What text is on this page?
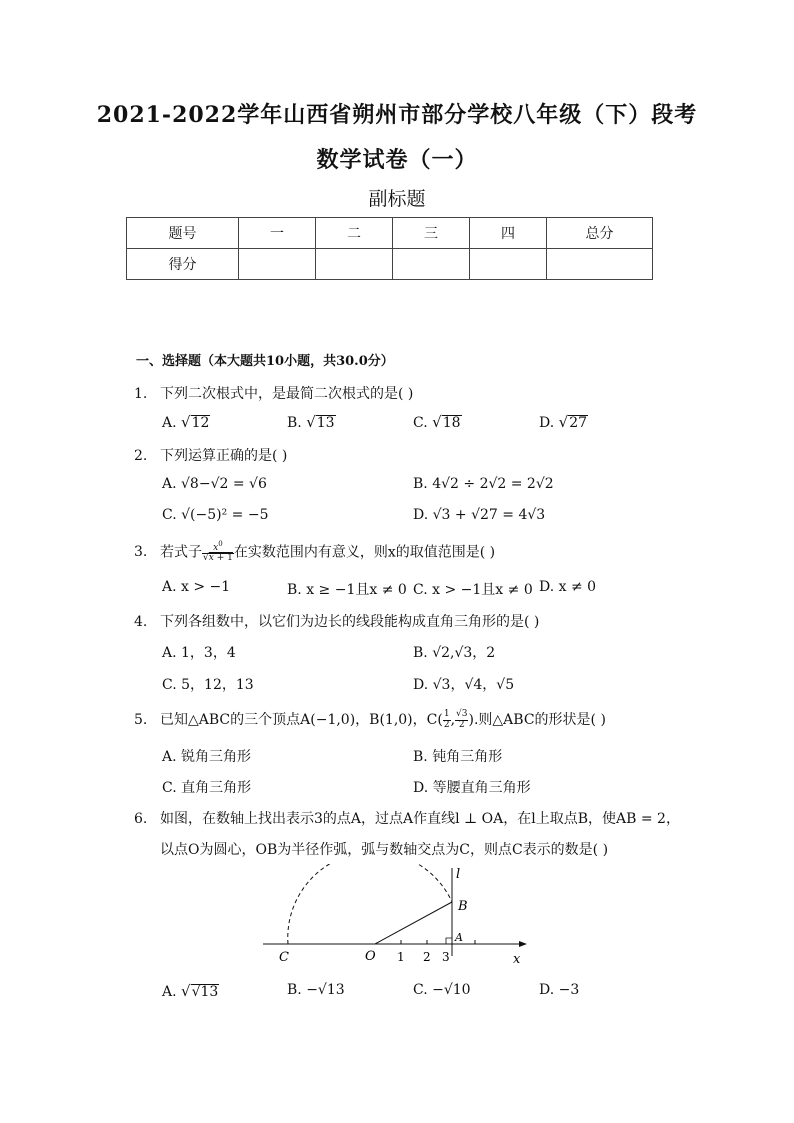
2021-2022学年山西省朔州市部分学校八年级（下）段考
数学试卷（一）
副标题
题号	一	二	三	四	总分
得分					
一、选择题（本大题共10小题，共30.0分）
1. 下列二次根式中，是最简二次根式的是( )
A. √12	B. √13	C. √18	D. √27
2. 下列运算正确的是( )
A. √8−√2 = √6	B. 4√2 ÷ 2√2 = 2√2
C. √(−5)² = −5	D. √3 + √27 = 4√3
3. 若式子 $\frac{x^0}{√x + 1}$ 在实数范围内有意义，则x的取值范围是( )
A. x > −1	B. x ≥ −1且x ≠ 0 C. x > −1且x ≠ 0 D. x ≠ 0
4. 下列各组数中，以它们为边长的线段能构成直角三角形的是( )
A. 1，3，4	B. √2,√3，2
C. 5，12，13	D. √3，√4，√5
5. 已知△ABC的三个顶点A(−1,0)，B(1,0)，$C( \frac{1}{2}$ , $\frac{√3}{2}$ ).则△ABC的形状是( )
A. 锐角三角形	B. 钝角三角形
C. 直角三角形	D. 等腰直角三角形
6. 如图，在数轴上找出表示3的点A，过点A作直线l ⊥ OA，在l上取点B，使AB = 2，
以点O为圆心，OB为半径作弧，弧与数轴交点为C，则点C表示的数是( )
C	O 1 2 3
A
B
l
x
A. √√13	B. −√13	C. −√10	D. −3
